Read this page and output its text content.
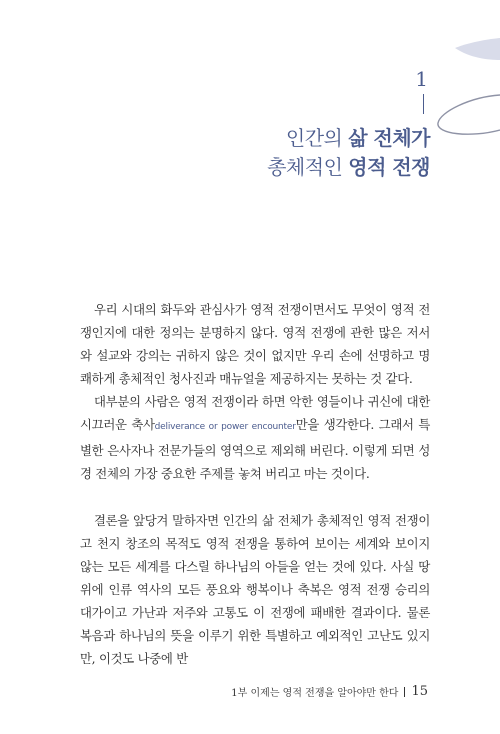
1
인간의 삶 전체가
총체적인 영적 전쟁

우리 시대의 화두와 관심사가 영적 전쟁이면서도 무엇이 영적 전쟁인지에 대한 정의는 분명하지 않다. 영적 전쟁에 관한 많은 저서와 설교와 강의는 귀하지 않은 것이 없지만 우리 손에 선명하고 명쾌하게 총체적인 청사진과 매뉴얼을 제공하지는 못하는 것 같다.

대부분의 사람은 영적 전쟁이라 하면 악한 영들이나 귀신에 대한 시끄러운 축사deliverance or power encounter만을 생각한다. 그래서 특별한 은사자나 전문가들의 영역으로 제외해 버린다. 이렇게 되면 성경 전체의 가장 중요한 주제를 놓쳐 버리고 마는 것이다.

결론을 앞당겨 말하자면 인간의 삶 전체가 총체적인 영적 전쟁이고 천지 창조의 목적도 영적 전쟁을 통하여 보이는 세계와 보이지 않는 모든 세계를 다스릴 하나님의 아들을 얻는 것에 있다. 사실 땅 위에 인류 역사의 모든 풍요와 행복이나 축복은 영적 전쟁 승리의 대가이고 가난과 저주와 고통도 이 전쟁에 패배한 결과이다. 물론 복음과 하나님의 뜻을 이루기 위한 특별하고 예외적인 고난도 있지만, 이것도 나중에 반

1부 이제는 영적 전쟁을 알아야만 한다 15
